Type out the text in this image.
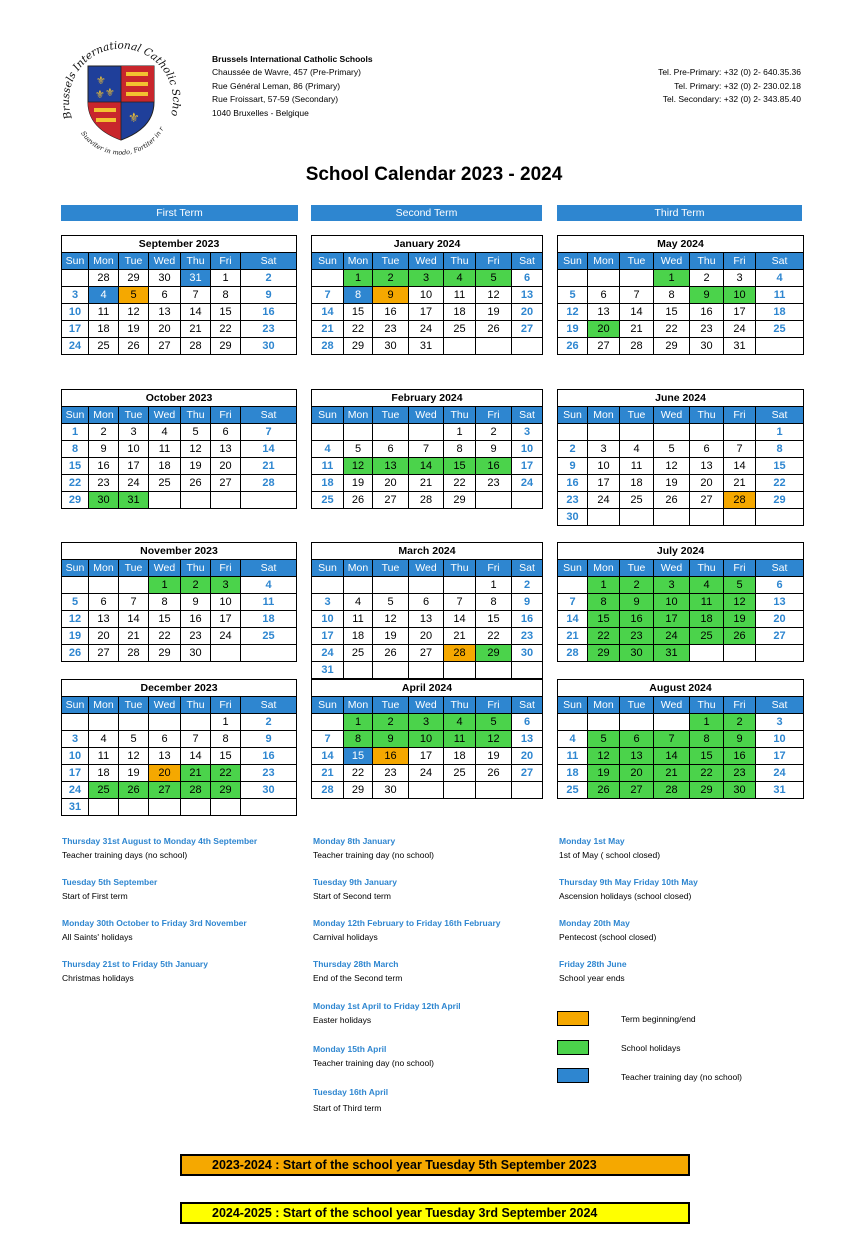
Brussels International Catholic Scho
Suaviter in modo, Fortiter in r
⚜
⚜
⚜
⚜
Brussels International Catholic Schools
Chaussée de Wavre, 457 (Pre-Primary)
Rue Général Leman, 86 (Primary)
Rue Froissart, 57-59 (Secondary)
1040 Bruxelles - Belgique
Tel. Pre-Primary: +32 (0) 2- 640.35.36
Tel. Primary: +32 (0) 2- 230.02.18
Tel. Secondary: +32 (0) 2- 343.85.40
School Calendar 2023 - 2024
First Term	Second Term	Third Term
September 2023						
Sun	Mon	Tue	Wed	Thu	Fri	Sat
	28	29	30	31	1	2
3	4	5	6	7	8	9
10	11	12	13	14	15	16
17	18	19	20	21	22	23
24	25	26	27	28	29	30
October 2023						
Sun	Mon	Tue	Wed	Thu	Fri	Sat
1	2	3	4	5	6	7
8	9	10	11	12	13	14
15	16	17	18	19	20	21
22	23	24	25	26	27	28
29	30	31				
November 2023						
Sun	Mon	Tue	Wed	Thu	Fri	Sat
			1	2	3	4
5	6	7	8	9	10	11
12	13	14	15	16	17	18
19	20	21	22	23	24	25
26	27	28	29	30		
December 2023						
Sun	Mon	Tue	Wed	Thu	Fri	Sat
					1	2
3	4	5	6	7	8	9
10	11	12	13	14	15	16
17	18	19	20	21	22	23
24	25	26	27	28	29	30
31						
January 2024						
Sun	Mon	Tue	Wed	Thu	Fri	Sat
	1	2	3	4	5	6
7	8	9	10	11	12	13
14	15	16	17	18	19	20
21	22	23	24	25	26	27
28	29	30	31			
February 2024						
Sun	Mon	Tue	Wed	Thu	Fri	Sat
				1	2	3
4	5	6	7	8	9	10
11	12	13	14	15	16	17
18	19	20	21	22	23	24
25	26	27	28	29		
March 2024						
Sun	Mon	Tue	Wed	Thu	Fri	Sat
					1	2
3	4	5	6	7	8	9
10	11	12	13	14	15	16
17	18	19	20	21	22	23
24	25	26	27	28	29	30
31						
April 2024						
Sun	Mon	Tue	Wed	Thu	Fri	Sat
	1	2	3	4	5	6
7	8	9	10	11	12	13
14	15	16	17	18	19	20
21	22	23	24	25	26	27
28	29	30				
May 2024						
Sun	Mon	Tue	Wed	Thu	Fri	Sat
			1	2	3	4
5	6	7	8	9	10	11
12	13	14	15	16	17	18
19	20	21	22	23	24	25
26	27	28	29	30	31	
June 2024						
Sun	Mon	Tue	Wed	Thu	Fri	Sat
						1
2	3	4	5	6	7	8
9	10	11	12	13	14	15
16	17	18	19	20	21	22
23	24	25	26	27	28	29
30						
July 2024						
Sun	Mon	Tue	Wed	Thu	Fri	Sat
	1	2	3	4	5	6
7	8	9	10	11	12	13
14	15	16	17	18	19	20
21	22	23	24	25	26	27
28	29	30	31			
August 2024						
Sun	Mon	Tue	Wed	Thu	Fri	Sat
				1	2	3
4	5	6	7	8	9	10
11	12	13	14	15	16	17
18	19	20	21	22	23	24
25	26	27	28	29	30	31
Thursday 31st August to Monday 4th September
Teacher training days (no school)
Tuesday 5th September
Start of First term
Monday 30th October to Friday 3rd November
All Saints' holidays
Thursday 21st to Friday 5th January
Christmas holidays
Monday 8th January
Teacher training day (no school)
Tuesday 9th January
Start of Second term
Monday 12th February to Friday 16th February
Carnival holidays
Thursday 28th March
End of the Second term
Monday 1st April to Friday 12th April
Easter holidays
Monday 15th April
Teacher training day (no school)
Tuesday 16th April
Start of Third term
Monday 1st May
1st of May ( school closed)
Thursday 9th May Friday 10th May
Ascension holidays (school closed)
Monday 20th May
Pentecost (school closed)
Friday 28th June
School year ends
Term beginning/end
School holidays
Teacher training day (no school)
2023-2024 : Start of the school year Tuesday 5th September 2023
2024-2025 : Start of the school year Tuesday 3rd September 2024
